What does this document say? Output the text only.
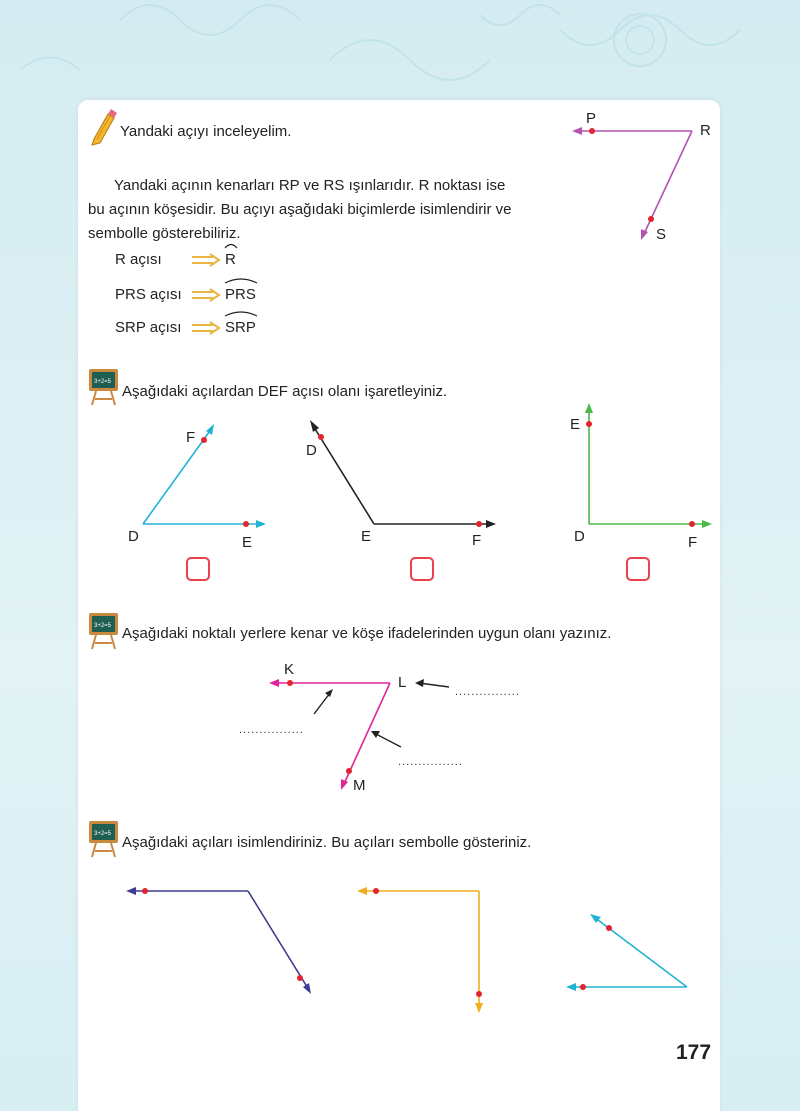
Yandaki açıyı inceleyelim.
Yandaki açının kenarları RP ve RS ışınlarıdır. R noktası ise
bu açının köşesidir. Bu açıyı aşağıdaki biçimlerde isimlendirir ve
sembolle gösterebiliriz.
R açısı	R
PRS açısı	PRS
SRP açısı	SRP
P
R
S
3+2=5
Aşağıdaki açılardan DEF açısı olanı işaretleyiniz.
F
D	E
D
E	F
E
D	F
3+2=5 Aşağıdaki noktalı yerlere kenar ve köşe ifadelerinden uygun olanı yazınız.
K
L
M
................
................
................
3+2=5 Aşağıdaki açıları isimlendiriniz. Bu açıları sembolle gösteriniz.
177
